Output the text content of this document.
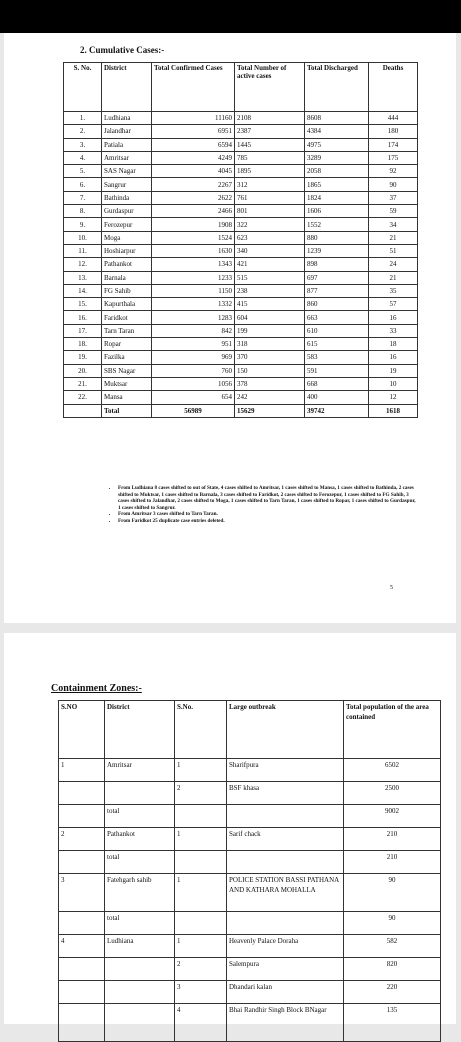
2. Cumulative Cases:-
S. No.	District	Total Confirmed Cases	Total Number of active cases	Total Discharged	Deaths
1.	Ludhiana	11160	2108	8608	444
2.	Jalandhar	6951	2387	4384	180
3.	Patiala	6594	1445	4975	174
4.	Amritsar	4249	785	3289	175
5.	SAS Nagar	4045	1895	2058	92
6.	Sangrur	2267	312	1865	90
7.	Bathinda	2622	761	1824	37
8.	Gurdaspur	2466	801	1606	59
9.	Ferozepur	1908	322	1552	34
10.	Moga	1524	623	880	21
11.	Hoshiarpur	1630	340	1239	51
12.	Pathankot	1343	421	898	24
13.	Barnala	1233	515	697	21
14.	FG Sahib	1150	238	877	35
15.	Kapurthala	1332	415	860	57
16.	Faridkot	1283	604	663	16
17.	Tarn Taran	842	199	610	33
18.	Ropar	951	318	615	18
19.	Fazilka	969	370	583	16
20.	SBS Nagar	760	150	591	19
21.	Muktsar	1056	378	668	10
22.	Mansa	654	242	400	12
	Total	56989	15629	39742	1618
• From Ludhiana 8 cases shifted to out of State, 4 cases shifted to Amritsar, 1 cases shifted to Mansa, 1 cases shifted to Bathinda, 2 cases shifted to Muktsar, 1 cases shifted to Barnala, 3 cases shifted to Faridkot, 2 cases shifted to Ferozepur, 1 cases shifted to FG Sahib, 3 cases shifted to Jalandhar, 2 cases shifted to Moga, 1 cases shifted to Tarn Taran, 1 cases shifted to Ropar, 1 cases shifted to Gurdaspur, 1 cases shifted to Sangrur.
• From Amritsar 3 cases shifted to Tarn Taran.
• From Faridkot 25 duplicate case entries deleted.
5
Containment Zones:-
S.NO	District	S.No.	Large outbreak	Total population of the area contained
1	Amritsar	1	Sharifpura	6502
		2	BSF khasa	2500
	total			9002
2	Pathankot	1	Sarif chack	210
	total			210
3	Fatehgarh sahib	1	POLICE STATION BASSI PATHANA AND KATHARA MOHALLA	90
	total			90
4	Ludhiana	1	Heavenly Palace Doraha	582
		2	Salempura	820
		3	Dhandari kalan	220
		4	Bhai Randhir Singh Block BNagar	135
